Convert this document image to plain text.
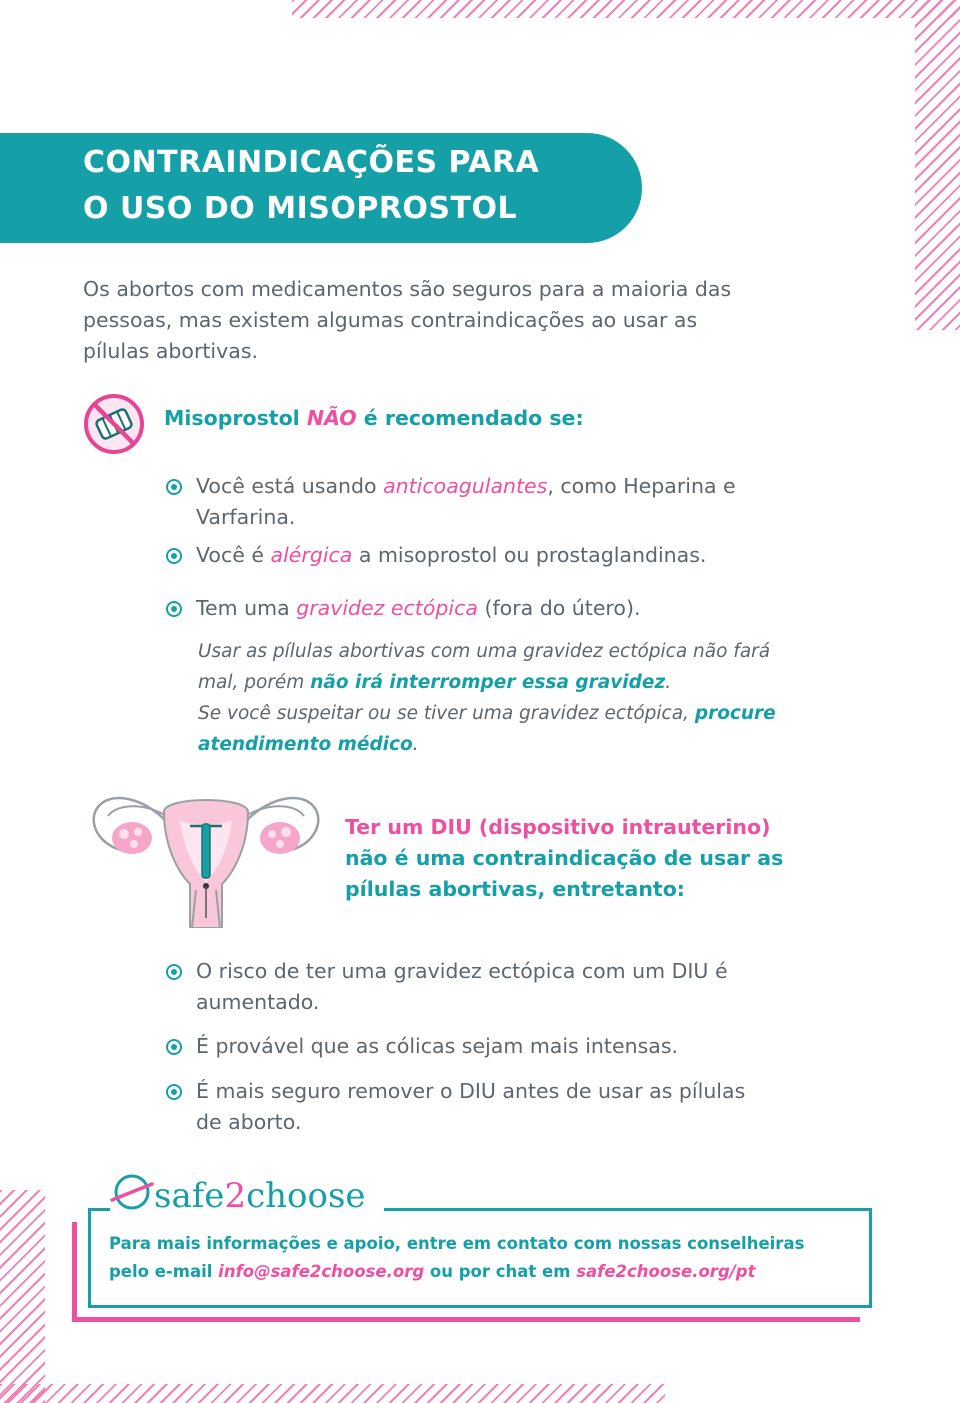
CONTRAINDICAÇÕES PARA
O USO DO MISOPROSTOL
Os abortos com medicamentos são seguros para a maioria das
pessoas, mas existem algumas contraindicações ao usar as
pílulas abortivas.
Misoprostol NÃO é recomendado se:
Você está usando anticoagulantes, como Heparina e
Varfarina.
Você é alérgica a misoprostol ou prostaglandinas.
Tem uma gravidez ectópica (fora do útero).
Usar as pílulas abortivas com uma gravidez ectópica não fará
mal, porém não irá interromper essa gravidez.
Se você suspeitar ou se tiver uma gravidez ectópica, procure
atendimento médico.
Ter um DIU (dispositivo intrauterino)
não é uma contraindicação de usar as
pílulas abortivas, entretanto:
O risco de ter uma gravidez ectópica com um DIU é
aumentado.
É provável que as cólicas sejam mais intensas.
É mais seguro remover o DIU antes de usar as pílulas
de aborto.
safe2choose
Para mais informações e apoio, entre em contato com nossas conselheiras
pelo e-mail info@safe2choose.org ou por chat em safe2choose.org/pt
